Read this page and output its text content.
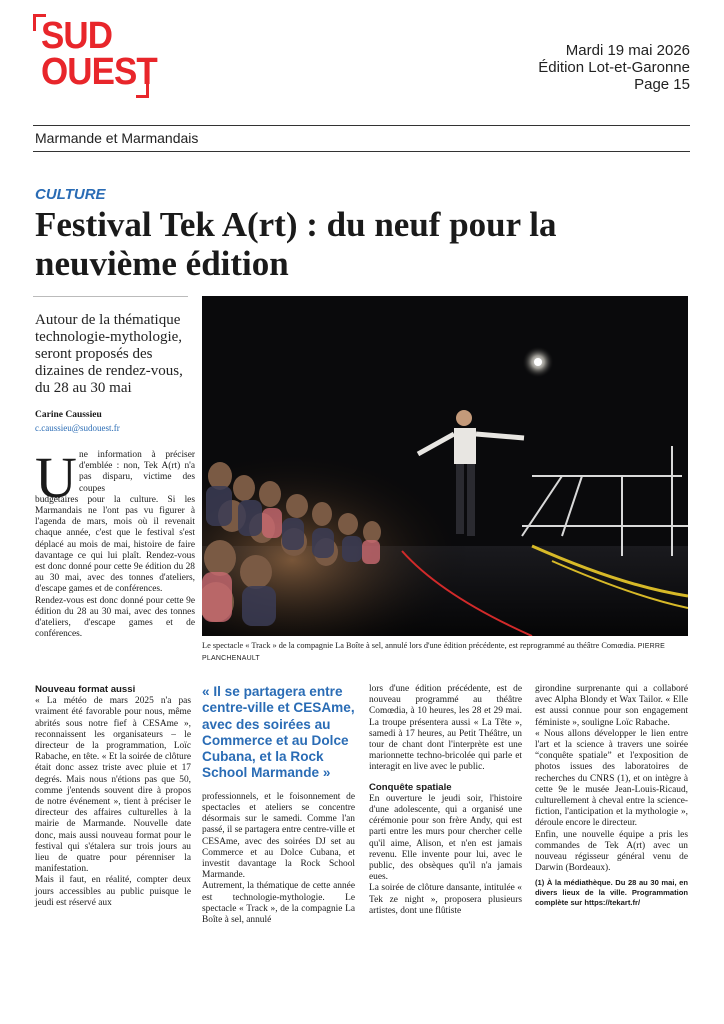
SUD
OUEST
Mardi 19 mai 2026
Édition Lot-et-Garonne
Page 15
Marmande et Marmandais
CULTURE
Festival Tek A(rt) : du neuf pour la neuvième édition
Autour de la thématique technologie-mythologie, seront proposés des dizaines de rendez-vous, du 28 au 30 mai
Carine Caussieu
c.caussieu@sudouest.fr
U ne information à préciser d'emblée : non, Tek A(rt) n'a pas disparu, victime des coupes

budgétaires pour la culture. Si les Marmandais ne l'ont pas vu figurer à l'agenda de mars, mois où il revenait chaque année, c'est que le festival s'est déplacé au mois de mai, histoire de faire davantage ce qui lui plaît. Rendez-vous est donc donné pour cette 9e édition du 28 au 30 mai, avec des tonnes d'ateliers, d'escape games et de conférences.

Rendez-vous est donc donné pour cette 9e édition du 28 au 30 mai, avec des tonnes d'ateliers, d'escape games et de conférences.

Le spectacle « Track » de la compagnie La Boîte à sel, annulé lors d'une édition précédente, est reprogrammé au théâtre Comœdia. PIERRE PLANCHENAULT
Nouveau format aussi

« La météo de mars 2025 n'a pas vraiment été favorable pour nous, même abrités sous notre fief à CESAme », reconnaissent les organisateurs – le directeur de la programmation, Loïc Rabache, en tête. « Et la soirée de clôture était donc assez triste avec pluie et 17 degrés. Mais nous n'étions pas que 50, comme j'entends souvent dire à propos de notre événement », tient à préciser le directeur des affaires culturelles à la mairie de Marmande. Nouvelle date donc, mais aussi nouveau format pour le festival qui s'étalera sur trois jours au lieu de quatre pour pérenniser la manifestation.

Mais il faut, en réalité, compter deux jours accessibles au public puisque le jeudi est réservé aux

« Il se partagera entre centre-ville et CESAme, avec des soirées au Commerce et au Dolce Cubana, et la Rock School Marmande »

professionnels, et le foisonnement de spectacles et ateliers se concentre désormais sur le samedi. Comme l'an passé, il se partagera entre centre-ville et CESAme, avec des soirées DJ set au Commerce et au Dolce Cubana, et investit davantage la Rock School Marmande.

Autrement, la thématique de cette année est technologie-mythologie. Le spectacle « Track », de la compagnie La Boîte à sel, annulé

lors d'une édition précédente, est de nouveau programmé au théâtre Comœdia, à 10 heures, les 28 et 29 mai. La troupe présentera aussi « La Tête », samedi à 17 heures, au Petit Théâtre, un tour de chant dont l'interprète est une marionnette techno-bricolée qui parle et interagit en live avec le public.

Conquête spatiale

En ouverture le jeudi soir, l'histoire d'une adolescente, qui a organisé une cérémonie pour son frère Andy, qui est parti entre les murs pour chercher celle qu'il aime, Alison, et n'en est jamais revenu. Elle invente pour lui, avec le public, des obsèques qu'il n'a jamais eues.

La soirée de clôture dansante, intitulée « Tek ze night », proposera plusieurs artistes, dont une flûtiste

girondine surprenante qui a collaboré avec Alpha Blondy et Wax Tailor. « Elle est aussi connue pour son engagement féministe », souligne Loïc Rabache.

« Nous allons développer le lien entre l'art et la science à travers une soirée “conquête spatiale” et l'exposition de photos issues des laboratoires de recherches du CNRS (1), et on intègre à cette 9e le musée Jean-Louis-Ricaud, culturellement à cheval entre la science-fiction, l'anticipation et la mythologie », déroule encore le directeur.

Enfin, une nouvelle équipe a pris les commandes de Tek A(rt) avec un nouveau régisseur général venu de Darwin (Bordeaux).

(1) À la médiathèque. Du 28 au 30 mai, en divers lieux de la ville. Programmation complète sur https://tekart.fr/
